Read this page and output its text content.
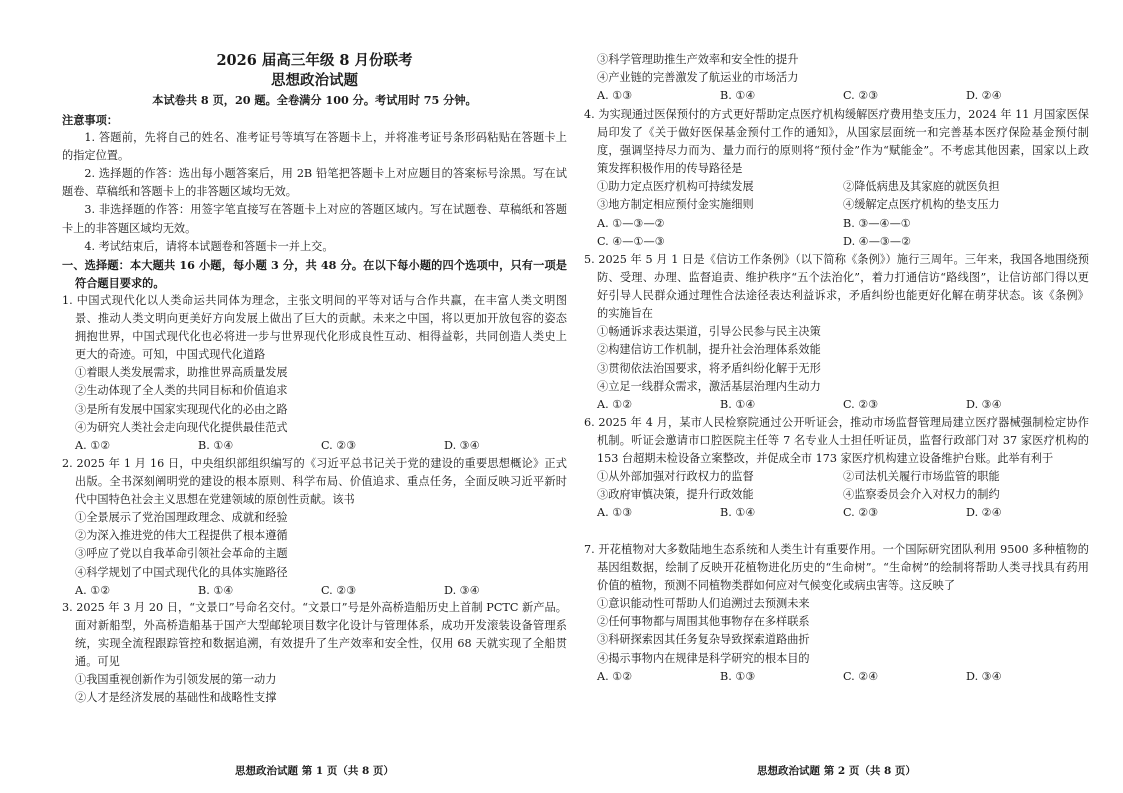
2026 届高三年级 8 月份联考
思想政治试题
本试卷共 8 页，20 题。全卷满分 100 分。考试用时 75 分钟。

注意事项：

1. 答题前，先将自己的姓名、准考证号等填写在答题卡上，并将准考证号条形码粘贴在答题卡上的指定位置。

2. 选择题的作答：选出每小题答案后，用 2B 铅笔把答题卡上对应题目的答案标号涂黑。写在试题卷、草稿纸和答题卡上的非答题区域均无效。

3. 非选择题的作答：用签字笔直接写在答题卡上对应的答题区域内。写在试题卷、草稿纸和答题卡上的非答题区域均无效。

4. 考试结束后，请将本试题卷和答题卡一并上交。

一、选择题：本大题共 16 小题，每小题 3 分，共 48 分。在以下每小题的四个选项中，只有一项是符合题目要求的。

1. 中国式现代化以人类命运共同体为理念，主张文明间的平等对话与合作共赢，在丰富人类文明图景、推动人类文明向更美好方向发展上做出了巨大的贡献。未来之中国，将以更加开放包容的姿态拥抱世界，中国式现代化也必将进一步与世界现代化形成良性互动、相得益彰，共同创造人类史上更大的奇迹。可知，中国式现代化道路

①着眼人类发展需求，助推世界高质量发展

②生动体现了全人类的共同目标和价值追求

③是所有发展中国家实现现代化的必由之路

④为研究人类社会走向现代化提供最佳范式

A. ①②	B. ①④	C. ②③	D. ③④

2. 2025 年 1 月 16 日，中央组织部组织编写的《习近平总书记关于党的建设的重要思想概论》正式出版。全书深刻阐明党的建设的根本原则、科学布局、价值追求、重点任务，全面反映习近平新时代中国特色社会主义思想在党建领域的原创性贡献。该书

①全景展示了党治国理政理念、成就和经验

②为深入推进党的伟大工程提供了根本遵循

③呼应了党以自我革命引领社会革命的主题

④科学规划了中国式现代化的具体实施路径

A. ①②	B. ①④	C. ②③	D. ③④

3. 2025 年 3 月 20 日，“文景口”号命名交付。“文景口”号是外高桥造船历史上首制 PCTC 新产品。面对新船型，外高桥造船基于国产大型邮轮项目数字化设计与管理体系，成功开发滚装设备管理系统，实现全流程跟踪管控和数据追溯，有效提升了生产效率和安全性，仅用 68 天就实现了全船贯通。可见

①我国重视创新作为引领发展的第一动力

②人才是经济发展的基础性和战略性支撑

思想政治试题 第 1 页（共 8 页）

③科学管理助推生产效率和安全性的提升

④产业链的完善激发了航运业的市场活力

A. ①③	B. ①④	C. ②③	D. ②④

4. 为实现通过医保预付的方式更好帮助定点医疗机构缓解医疗费用垫支压力，2024 年 11 月国家医保局印发了《关于做好医保基金预付工作的通知》，从国家层面统一和完善基本医疗保险基金预付制度，强调坚持尽力而为、量力而行的原则将“预付金”作为“赋能金”。不考虑其他因素，国家以上政策发挥积极作用的传导路径是

①助力定点医疗机构可持续发展	②降低病患及其家庭的就医负担
③地方制定相应预付金实施细则	④缓解定点医疗机构的垫支压力
A. ①—③—②	B. ③—④—①
C. ④—①—③	D. ④—③—②

5. 2025 年 5 月 1 日是《信访工作条例》（以下简称《条例》）施行三周年。三年来，我国各地围绕预防、受理、办理、监督追责、维护秩序“五个法治化”，着力打通信访“路线图”，让信访部门得以更好引导人民群众通过理性合法途径表达利益诉求，矛盾纠纷也能更好化解在萌芽状态。该《条例》的实施旨在

①畅通诉求表达渠道，引导公民参与民主决策

②构建信访工作机制，提升社会治理体系效能

③贯彻依法治国要求，将矛盾纠纷化解于无形

④立足一线群众需求，激活基层治理内生动力

A. ①②	B. ①④	C. ②③	D. ③④

6. 2025 年 4 月，某市人民检察院通过公开听证会，推动市场监督管理局建立医疗器械强制检定协作机制。听证会邀请市口腔医院主任等 7 名专业人士担任听证员，监督行政部门对 37 家医疗机构的 153 台超期未检设备立案整改，并促成全市 173 家医疗机构建立设备维护台账。此举有利于

①从外部加强对行政权力的监督	②司法机关履行市场监管的职能
③政府审慎决策，提升行政效能	④监察委员会介入对权力的制约
A. ①③	B. ①④	C. ②③	D. ②④

7. 开花植物对大多数陆地生态系统和人类生计有重要作用。一个国际研究团队利用 9500 多种植物的基因组数据，绘制了反映开花植物进化历史的“生命树”。“生命树”的绘制将帮助人类寻找具有药用价值的植物，预测不同植物类群如何应对气候变化或病虫害等。这反映了

①意识能动性可帮助人们追溯过去预测未来

②任何事物都与周围其他事物存在多样联系

③科研探索因其任务复杂导致探索道路曲折

④揭示事物内在规律是科学研究的根本目的

A. ①②	B. ①③	C. ②④	D. ③④
思想政治试题 第 2 页（共 8 页）
